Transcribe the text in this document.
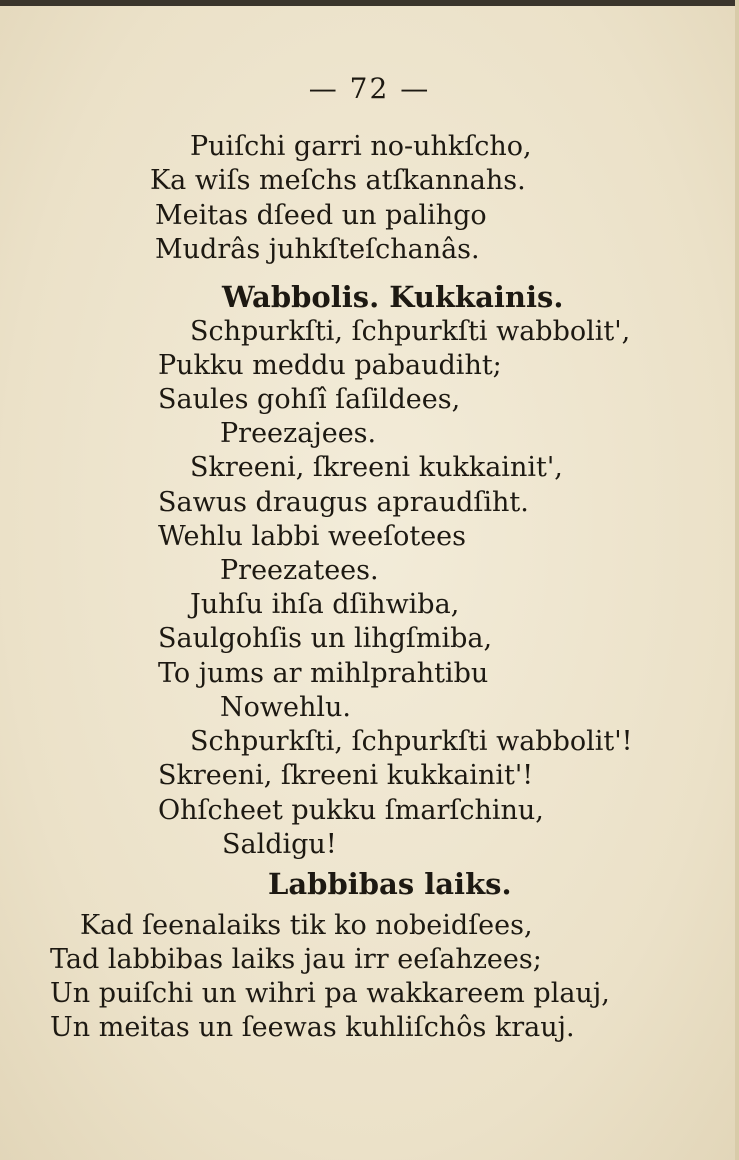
— 72 —
Puiſchi garri no-uhkſcho,
Ka wiſs meſchs atſkannahs.
Meitas dſeed un palihgo
Mudrâs juhkſteſchanâs.
Wabbolis. Kukkainis.
Schpurkſti, ſchpurkſti wabbolit',
Pukku meddu pabaudiht;
Saules gohſî ſaſildees,
Preezajees.
Skreeni, ſkreeni kukkainit',
Sawus draugus apraudſiht.
Wehlu labbi weeſotees
Preezatees.
Juhſu ihſa dſihwiba,
Saulgohſis un lihgſmiba,
To jums ar mihlprahtibu
Nowehlu.
Schpurkſti, ſchpurkſti wabbolit'!
Skreeni, ſkreeni kukkainit'!
Ohſcheet pukku ſmarſchinu,
Saldigu!
Labbibas laiks.
Kad ſeenalaiks tik ko nobeidſees,
Tad labbibas laiks jau irr eeſahzees;
Un puiſchi un wihri pa wakkareem plauj,
Un meitas un ſeewas kuhliſchôs krauj.
